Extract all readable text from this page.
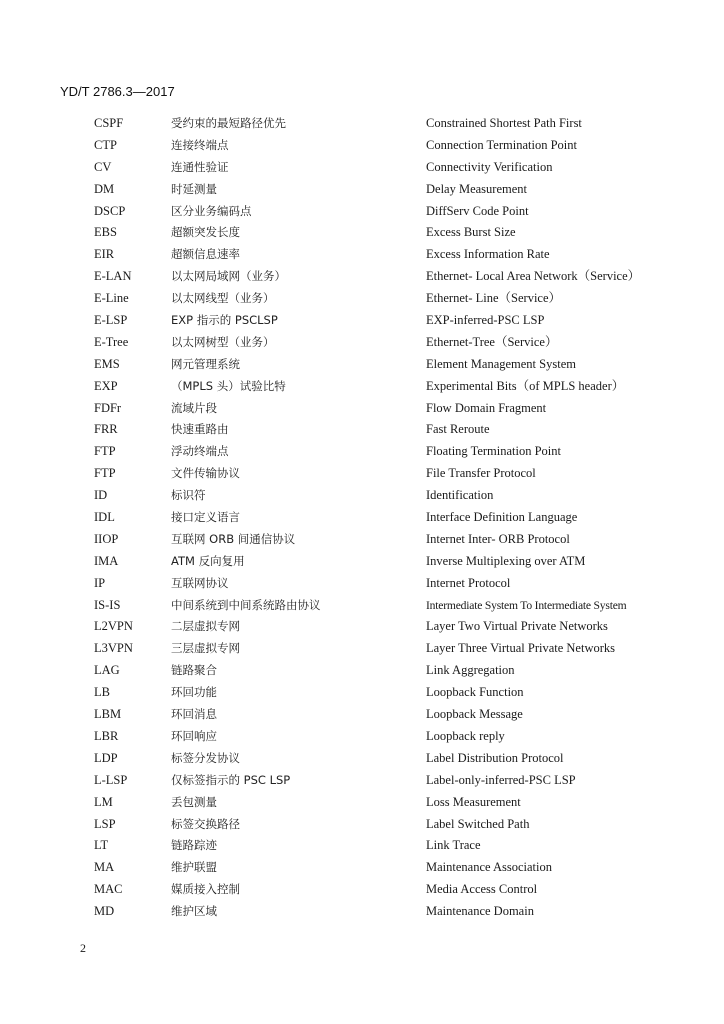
YD/T 2786.3—2017
CSPF	受约束的最短路径优先	Constrained Shortest Path First
CTP	连接终端点	Connection Termination Point
CV	连通性验证	Connectivity Verification
DM	时延测量	Delay Measurement
DSCP	区分业务编码点	DiffServ Code Point
EBS	超额突发长度	Excess Burst Size
EIR	超额信息速率	Excess Information Rate
E-LAN	以太网局域网（业务）	Ethernet- Local Area Network（Service）
E-Line	以太网线型（业务）	Ethernet- Line（Service）
E-LSP	EXP 指示的 PSCLSP	EXP-inferred-PSC LSP
E-Tree	以太网树型（业务）	Ethernet-Tree（Service）
EMS	网元管理系统	Element Management System
EXP	（MPLS 头）试验比特	Experimental Bits（of MPLS header）
FDFr	流域片段	Flow Domain Fragment
FRR	快速重路由	Fast Reroute
FTP	浮动终端点	Floating Termination Point
FTP	文件传输协议	File Transfer Protocol
ID	标识符	Identification
IDL	接口定义语言	Interface Definition Language
IIOP	互联网 ORB 间通信协议	Internet Inter- ORB Protocol
IMA	ATM 反向复用	Inverse Multiplexing over ATM
IP	互联网协议	Internet Protocol
IS-IS	中间系统到中间系统路由协议	Intermediate System To Intermediate System
L2VPN	二层虚拟专网	Layer Two Virtual Private Networks
L3VPN	三层虚拟专网	Layer Three Virtual Private Networks
LAG	链路聚合	Link Aggregation
LB	环回功能	Loopback Function
LBM	环回消息	Loopback Message
LBR	环回响应	Loopback reply
LDP	标签分发协议	Label Distribution Protocol
L-LSP	仅标签指示的 PSC LSP	Label-only-inferred-PSC LSP
LM	丢包测量	Loss Measurement
LSP	标签交换路径	Label Switched Path
LT	链路踪迹	Link Trace
MA	维护联盟	Maintenance Association
MAC	媒质接入控制	Media Access Control
MD	维护区域	Maintenance Domain
2
